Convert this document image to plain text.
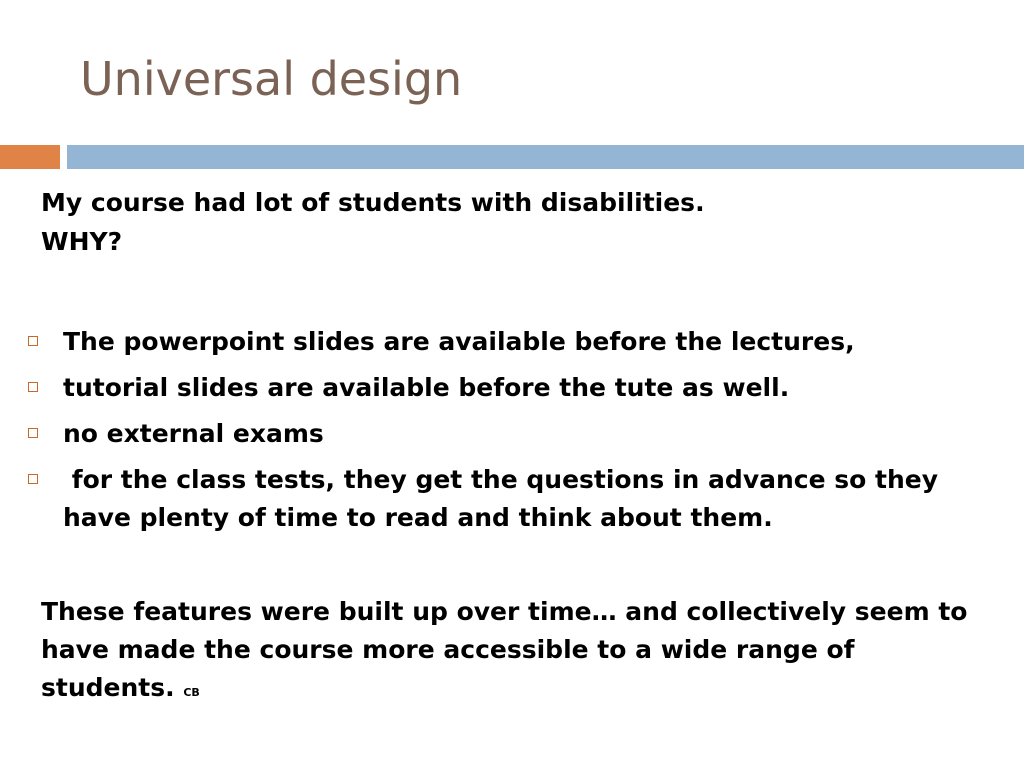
Universal design
My course had lot of students with disabilities.
WHY?
The powerpoint slides are available before the lectures,
tutorial slides are available before the tute as well.
no external exams
for the class tests, they get the questions in advance so they have plenty of time to read and think about them.
These features were built up over time… and collectively seem to have made the course more accessible to a wide range of students. CB
